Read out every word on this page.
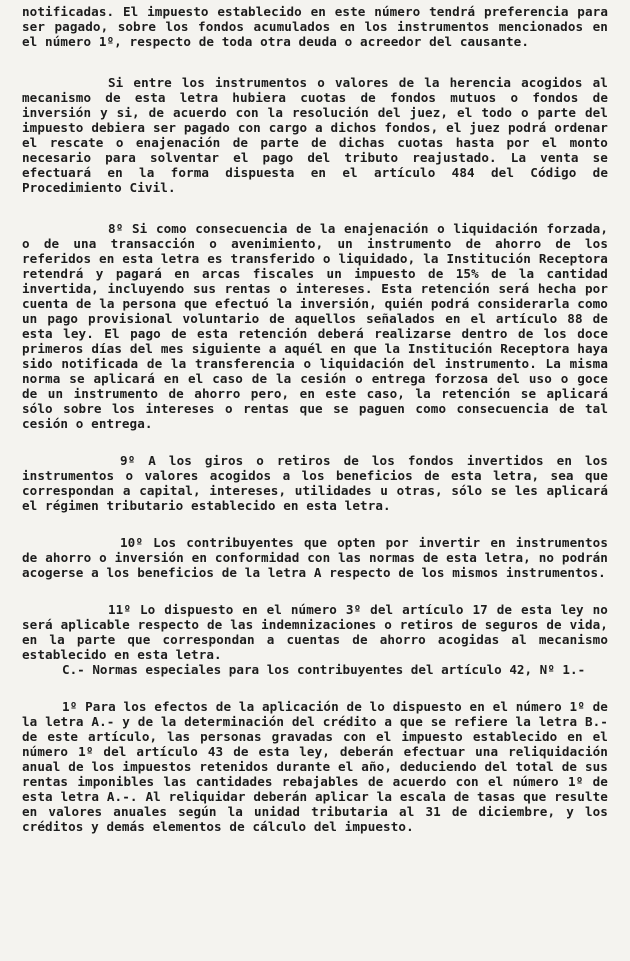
notificadas. El impuesto establecido en este número tendrá preferencia para ser pagado, sobre los fondos acumulados en los instrumentos mencionados en el número 1º, respecto de toda otra deuda o acreedor del causante.

Si entre los instrumentos o valores de la herencia acogidos al mecanismo de esta letra hubiera cuotas de fondos mutuos o fondos de inversión y si, de acuerdo con la resolución del juez, el todo o parte del impuesto debiera ser pagado con cargo a dichos fondos, el juez podrá ordenar el rescate o enajenación de parte de dichas cuotas hasta por el monto necesario para solventar el pago del tributo reajustado. La venta se efectuará en la forma dispuesta en el artículo 484 del Código de Procedimiento Civil.

8º Si como consecuencia de la enajenación o liquidación forzada, o de una transacción o avenimiento, un instrumento de ahorro de los referidos en esta letra es transferido o liquidado, la Institución Receptora retendrá y pagará en arcas fiscales un impuesto de 15% de la cantidad invertida, incluyendo sus rentas o intereses. Esta retención será hecha por cuenta de la persona que efectuó la inversión, quién podrá considerarla como un pago provisional voluntario de aquellos señalados en el artículo 88 de esta ley. El pago de esta retención deberá realizarse dentro de los doce primeros días del mes siguiente a aquél en que la Institución Receptora haya sido notificada de la transferencia o liquidación del instrumento. La misma norma se aplicará en el caso de la cesión o entrega forzosa del uso o goce de un instrumento de ahorro pero, en este caso, la retención se aplicará sólo sobre los intereses o rentas que se paguen como consecuencia de tal cesión o entrega.

9º A los giros o retiros de los fondos invertidos en los instrumentos o valores acogidos a los beneficios de esta letra, sea que correspondan a capital, intereses, utilidades u otras, sólo se les aplicará el régimen tributario establecido en esta letra.

10º Los contribuyentes que opten por invertir en instrumentos de ahorro o inversión en conformidad con las normas de esta letra, no podrán acogerse a los beneficios de la letra A respecto de los mismos instrumentos.

11º Lo dispuesto en el número 3º del artículo 17 de esta ley no será aplicable respecto de las indemnizaciones o retiros de seguros de vida, en la parte que correspondan a cuentas de ahorro acogidas al mecanismo establecido en esta letra.

C.- Normas especiales para los contribuyentes del artículo 42, Nº 1.-

1º Para los efectos de la aplicación de lo dispuesto en el número 1º de la letra A.- y de la determinación del crédito a que se refiere la letra B.- de este artículo, las personas gravadas con el impuesto establecido en el número 1º del artículo 43 de esta ley, deberán efectuar una reliquidación anual de los impuestos retenidos durante el año, deduciendo del total de sus rentas imponibles las cantidades rebajables de acuerdo con el número 1º de esta letra A.-. Al reliquidar deberán aplicar la escala de tasas que resulte en valores anuales según la unidad tributaria al 31 de diciembre, y los créditos y demás elementos de cálculo del impuesto.
